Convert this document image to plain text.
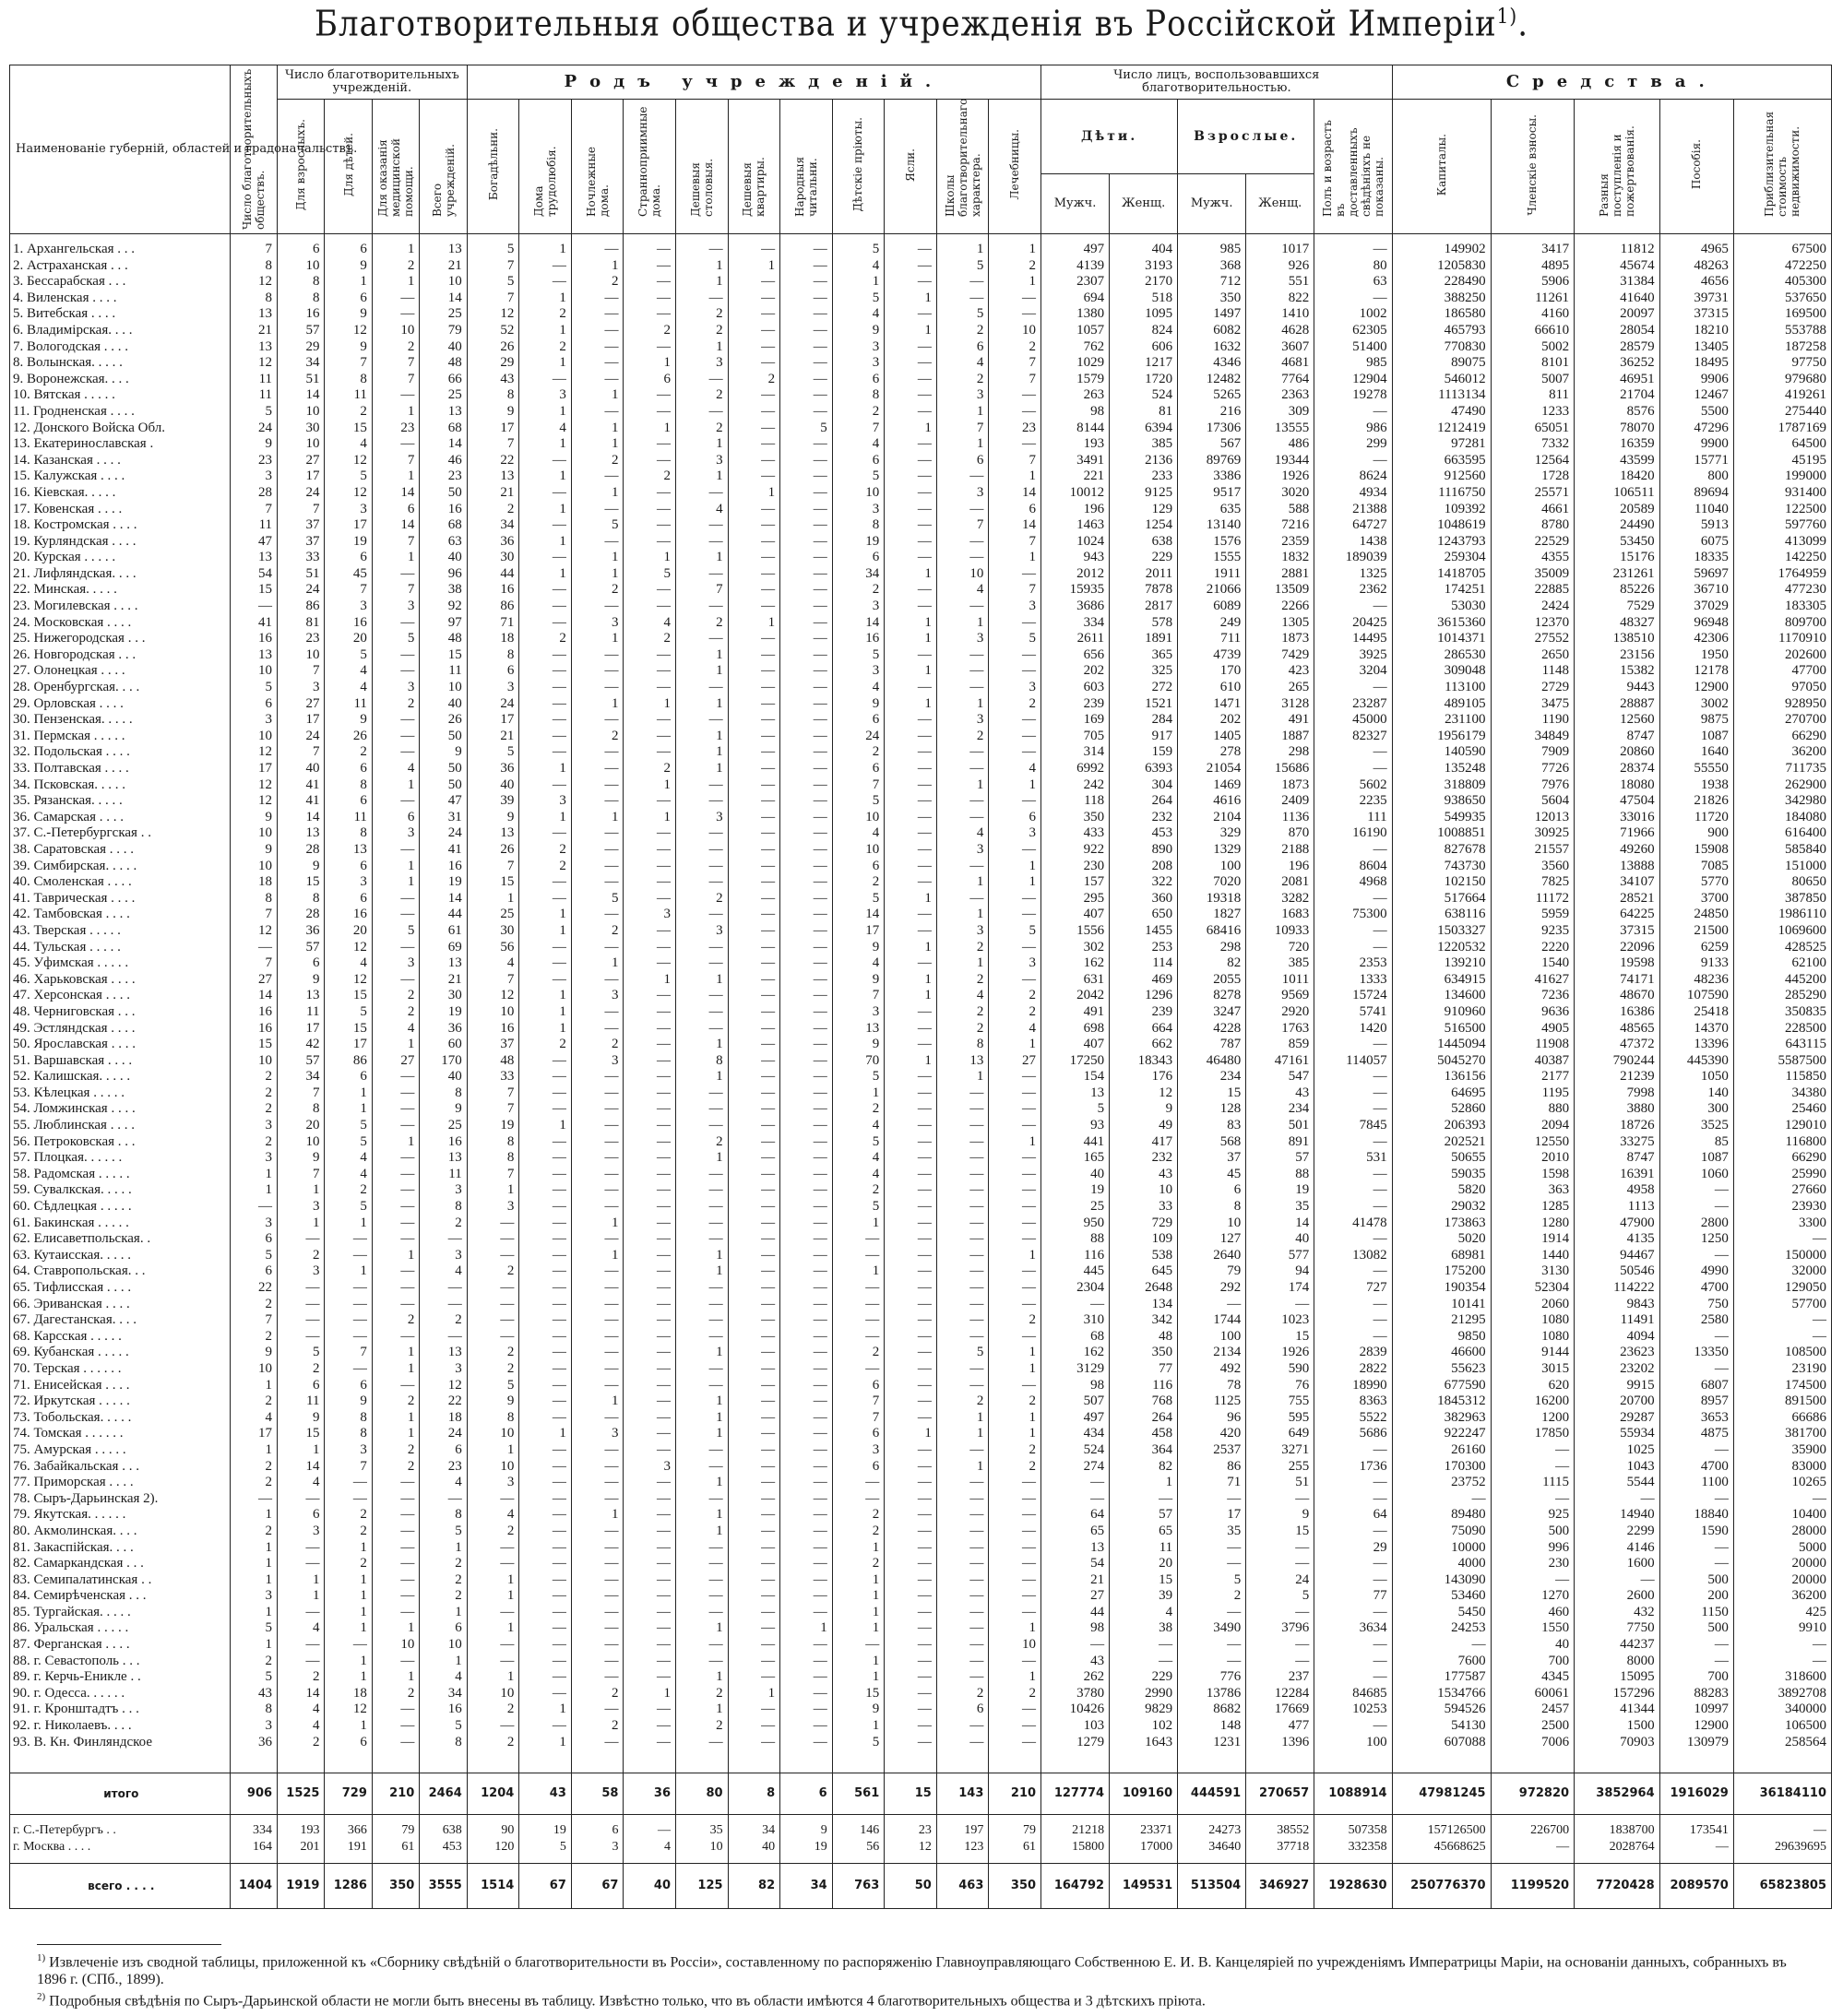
Благотворительныя общества и учрежденія въ Россійской Имперіи$^{1)}$.
Наименованіе губерній, областей и градоначальствъ.	Число благотворительныхъ обществъ.	Число благотворительныхъ учрежденій.				Родъ учрежденій.											Число лицъ, воспользовавшихся благотворительностью.					Средства.				
		Для взрослыхъ.	Для дѣтей.	Для оказанія медицинской помощи.	Всего учрежденій.	Богадѣльни.	Дома трудолюбія.	Ночлежные дома.	Странноприимные дома.	Дешевыя столовыя.	Дешевыя квартиры.	Народныя читальни.	Дѣтскіе пріюты.	Ясли.	Школы благотворительнаго характера.	Лечебницы.	Дѣти.		Взрослые.		Полъ и возрастъ въ доставленныхъ свѣдѣніяхъ не показаны.	Капиталы.	Членскіе взносы.	Разныя поступленія и пожертвованія.	Пособія.	Приблизительная стоимость недвижимости.
																	Мужч.	Женщ.	Мужч.	Женщ.						

1. Архангельская . . .	7	6	6	1	13	5	1	—	—	—	—	—	5	—	1	1	497	404	985	1017	—	149902	3417	11812	4965	67500
2. Астраханская . . .	8	10	9	2	21	7	—	1	—	1	1	—	4	—	5	2	4139	3193	368	926	80	1205830	4895	45674	48263	472250
3. Бессарабская . . .	12	8	1	1	10	5	—	2	—	1	—	—	1	—	—	1	2307	2170	712	551	63	228490	5906	31384	4656	405300
4. Виленская . . . .	8	8	6	—	14	7	1	—	—	—	—	—	5	1	—	—	694	518	350	822	—	388250	11261	41640	39731	537650
5. Витебская . . . .	13	16	9	—	25	12	2	—	—	2	—	—	4	—	5	—	1380	1095	1497	1410	1002	186580	4160	20097	37315	169500
6. Владимірская. . . .	21	57	12	10	79	52	1	—	2	2	—	—	9	1	2	10	1057	824	6082	4628	62305	465793	66610	28054	18210	553788
7. Вологодская . . . .	13	29	9	2	40	26	2	—	—	1	—	—	3	—	6	2	762	606	1632	3607	51400	770830	5002	28579	13405	187258
8. Волынская. . . . .	12	34	7	7	48	29	1	—	1	3	—	—	3	—	4	7	1029	1217	4346	4681	985	89075	8101	36252	18495	97750
9. Воронежская. . . .	11	51	8	7	66	43	—	—	6	—	2	—	6	—	2	7	1579	1720	12482	7764	12904	546012	5007	46951	9906	979680
10. Вятская . . . . .	11	14	11	—	25	8	3	1	—	2	—	—	8	—	3	—	263	524	5265	2363	19278	1113134	811	21704	12467	419261
11. Гродненская . . . .	5	10	2	1	13	9	1	—	—	—	—	—	2	—	1	—	98	81	216	309	—	47490	1233	8576	5500	275440
12. Донского Войска Обл.	24	30	15	23	68	17	4	1	1	2	—	5	7	1	7	23	8144	6394	17306	13555	986	1212419	65051	78070	47296	1787169
13. Екатеринославская .	9	10	4	—	14	7	1	1	—	1	—	—	4	—	1	—	193	385	567	486	299	97281	7332	16359	9900	64500
14. Казанская . . . .	23	27	12	7	46	22	—	2	—	3	—	—	6	—	6	7	3491	2136	89769	19344	—	663595	12564	43599	15771	45195
15. Калужская . . . .	3	17	5	1	23	13	1	—	2	1	—	—	5	—	—	1	221	233	3386	1926	8624	912560	1728	18420	800	199000
16. Кіевская. . . . .	28	24	12	14	50	21	—	1	—	—	1	—	10	—	3	14	10012	9125	9517	3020	4934	1116750	25571	106511	89694	931400
17. Ковенская . . . .	7	7	3	6	16	2	1	—	—	4	—	—	3	—	—	6	196	129	635	588	21388	109392	4661	20589	11040	122500
18. Костромская . . . .	11	37	17	14	68	34	—	5	—	—	—	—	8	—	7	14	1463	1254	13140	7216	64727	1048619	8780	24490	5913	597760
19. Курляндская . . . .	47	37	19	7	63	36	1	—	—	—	—	—	19	—	—	7	1024	638	1576	2359	1438	1243793	22529	53450	6075	413099
20. Курская . . . . .	13	33	6	1	40	30	—	1	1	1	—	—	6	—	—	1	943	229	1555	1832	189039	259304	4355	15176	18335	142250
21. Лифляндская. . . .	54	51	45	—	96	44	1	1	5	—	—	—	34	1	10	—	2012	2011	1911	2881	1325	1418705	35009	231261	59697	1764959
22. Минская. . . . .	15	24	7	7	38	16	—	2	—	7	—	—	2	—	4	7	15935	7878	21066	13509	2362	174251	22885	85226	36710	477230
23. Могилевская . . . .	—	86	3	3	92	86	—	—	—	—	—	—	3	—	—	3	3686	2817	6089	2266	—	53030	2424	7529	37029	183305
24. Московская . . . .	41	81	16	—	97	71	—	3	4	2	1	—	14	1	1	—	334	578	249	1305	20425	3615360	12370	48327	96948	809700
25. Нижегородская . . .	16	23	20	5	48	18	2	1	2	—	—	—	16	1	3	5	2611	1891	711	1873	14495	1014371	27552	138510	42306	1170910
26. Новгородская . . .	13	10	5	—	15	8	—	—	—	1	—	—	5	—	—	—	656	365	4739	7429	3925	286530	2650	23156	1950	202600
27. Олонецкая . . . .	10	7	4	—	11	6	—	—	—	1	—	—	3	1	—	—	202	325	170	423	3204	309048	1148	15382	12178	47700
28. Оренбургская. . . .	5	3	4	3	10	3	—	—	—	—	—	—	4	—	—	3	603	272	610	265	—	113100	2729	9443	12900	97050
29. Орловская . . . .	6	27	11	2	40	24	—	1	1	1	—	—	9	1	1	2	239	1521	1471	3128	23287	489105	3475	28887	3002	928950
30. Пензенская. . . . .	3	17	9	—	26	17	—	—	—	—	—	—	6	—	3	—	169	284	202	491	45000	231100	1190	12560	9875	270700
31. Пермская . . . . .	10	24	26	—	50	21	—	2	—	1	—	—	24	—	2	—	705	917	1405	1887	82327	1956179	34849	8747	1087	66290
32. Подольская . . . .	12	7	2	—	9	5	—	—	—	1	—	—	2	—	—	—	314	159	278	298	—	140590	7909	20860	1640	36200
33. Полтавская . . . .	17	40	6	4	50	36	1	—	2	1	—	—	6	—	—	4	6992	6393	21054	15686	—	135248	7726	28374	55550	711735
34. Псковская. . . . .	12	41	8	1	50	40	—	—	1	—	—	—	7	—	1	1	242	304	1469	1873	5602	318809	7976	18080	1938	262900
35. Рязанская. . . . .	12	41	6	—	47	39	3	—	—	—	—	—	5	—	—	—	118	264	4616	2409	2235	938650	5604	47504	21826	342980
36. Самарская . . . .	9	14	11	6	31	9	1	1	1	3	—	—	10	—	—	6	350	232	2104	1136	111	549935	12013	33016	11720	184080
37. С.-Петербургская . .	10	13	8	3	24	13	—	—	—	—	—	—	4	—	4	3	433	453	329	870	16190	1008851	30925	71966	900	616400
38. Саратовская . . . .	9	28	13	—	41	26	2	—	—	—	—	—	10	—	3	—	922	890	1329	2188	—	827678	21557	49260	15908	585840
39. Симбирская. . . . .	10	9	6	1	16	7	2	—	—	—	—	—	6	—	—	1	230	208	100	196	8604	743730	3560	13888	7085	151000
40. Смоленская . . . .	18	15	3	1	19	15	—	—	—	—	—	—	2	—	1	1	157	322	7020	2081	4968	102150	7825	34107	5770	80650
41. Таврическая . . . .	8	8	6	—	14	1	—	5	—	2	—	—	5	1	—	—	295	360	19318	3282	—	517664	11172	28521	3700	387850
42. Тамбовская . . . .	7	28	16	—	44	25	1	—	3	—	—	—	14	—	1	—	407	650	1827	1683	75300	638116	5959	64225	24850	1986110
43. Тверская . . . . .	12	36	20	5	61	30	1	2	—	3	—	—	17	—	3	5	1556	1455	68416	10933	—	1503327	9235	37315	21500	1069600
44. Тульская . . . . .	—	57	12	—	69	56	—	—	—	—	—	—	9	1	2	—	302	253	298	720	—	1220532	2220	22096	6259	428525
45. Уфимская . . . . .	7	6	4	3	13	4	—	1	—	—	—	—	4	—	1	3	162	114	82	385	2353	139210	1540	19598	9133	62100
46. Харьковская . . . .	27	9	12	—	21	7	—	—	1	1	—	—	9	1	2	—	631	469	2055	1011	1333	634915	41627	74171	48236	445200
47. Херсонская . . . .	14	13	15	2	30	12	1	3	—	—	—	—	7	1	4	2	2042	1296	8278	9569	15724	134600	7236	48670	107590	285290
48. Черниговская . . .	16	11	5	2	19	10	1	—	—	—	—	—	3	—	2	2	491	239	3247	2920	5741	910960	9636	16386	25418	350835
49. Эстляндская . . . .	16	17	15	4	36	16	1	—	—	—	—	—	13	—	2	4	698	664	4228	1763	1420	516500	4905	48565	14370	228500
50. Ярославская . . . .	15	42	17	1	60	37	2	2	—	1	—	—	9	—	8	1	407	662	787	859	—	1445094	11908	47372	13396	643115
51. Варшавская . . . .	10	57	86	27	170	48	—	3	—	8	—	—	70	1	13	27	17250	18343	46480	47161	114057	5045270	40387	790244	445390	5587500
52. Калишская. . . . .	2	34	6	—	40	33	—	—	—	1	—	—	5	—	1	—	154	176	234	547	—	136156	2177	21239	1050	115850
53. Кѣлецкая . . . . .	2	7	1	—	8	7	—	—	—	—	—	—	1	—	—	—	13	12	15	43	—	64695	1195	7998	140	34380
54. Ломжинская . . . .	2	8	1	—	9	7	—	—	—	—	—	—	2	—	—	—	5	9	128	234	—	52860	880	3880	300	25460
55. Люблинская . . . .	3	20	5	—	25	19	1	—	—	—	—	—	4	—	—	—	93	49	83	501	7845	206393	2094	18726	3525	129010
56. Петроковская . . .	2	10	5	1	16	8	—	—	—	2	—	—	5	—	—	1	441	417	568	891	—	202521	12550	33275	85	116800
57. Плоцкая. . . . . .	3	9	4	—	13	8	—	—	—	1	—	—	4	—	—	—	165	232	37	57	531	50655	2010	8747	1087	66290
58. Радомская . . . . .	1	7	4	—	11	7	—	—	—	—	—	—	4	—	—	—	40	43	45	88	—	59035	1598	16391	1060	25990
59. Сувалкская. . . . .	1	1	2	—	3	1	—	—	—	—	—	—	2	—	—	—	19	10	6	19	—	5820	363	4958	—	27660
60. Сѣдлецкая . . . . .	—	3	5	—	8	3	—	—	—	—	—	—	5	—	—	—	25	33	8	35	—	29032	1285	1113	—	23930
61. Бакинская . . . . .	3	1	1	—	2	—	—	1	—	—	—	—	1	—	—	—	950	729	10	14	41478	173863	1280	47900	2800	3300
62. Елисаветпольская. .	6	—	—	—	—	—	—	—	—	—	—	—	—	—	—	—	88	109	127	40	—	5020	1914	4135	1250	—
63. Кутаисская. . . . .	5	2	—	1	3	—	—	1	—	1	—	—	—	—	—	1	116	538	2640	577	13082	68981	1440	94467	—	150000
64. Ставропольская. . .	6	3	1	—	4	2	—	—	—	1	—	—	1	—	—	—	445	645	79	94	—	175200	3130	50546	4990	32000
65. Тифлисская . . . .	22	—	—	—	—	—	—	—	—	—	—	—	—	—	—	—	2304	2648	292	174	727	190354	52304	114222	4700	129050
66. Эриванская . . . .	2	—	—	—	—	—	—	—	—	—	—	—	—	—	—	—	—	134	—	—	—	10141	2060	9843	750	57700
67. Дагестанская. . . .	7	—	—	2	2	—	—	—	—	—	—	—	—	—	—	2	310	342	1744	1023	—	21295	1080	11491	2580	—
68. Карсская . . . . .	2	—	—	—	—	—	—	—	—	—	—	—	—	—	—	—	68	48	100	15	—	9850	1080	4094	—	—
69. Кубанская . . . . .	9	5	7	1	13	2	—	—	—	1	—	—	2	—	5	1	162	350	2134	1926	2839	46600	9144	23623	13350	108500
70. Терская . . . . . .	10	2	—	1	3	2	—	—	—	—	—	—	—	—	—	1	3129	77	492	590	2822	55623	3015	23202	—	23190
71. Енисейская . . . .	1	6	6	—	12	5	—	—	—	—	—	—	6	—	—	—	98	116	78	76	18990	677590	620	9915	6807	174500
72. Иркутская . . . . .	2	11	9	2	22	9	—	1	—	1	—	—	7	—	2	2	507	768	1125	755	8363	1845312	16200	20700	8957	891500
73. Тобольская. . . . .	4	9	8	1	18	8	—	—	—	1	—	—	7	—	1	1	497	264	96	595	5522	382963	1200	29287	3653	66686
74. Томская . . . . . .	17	15	8	1	24	10	1	3	—	1	—	—	6	1	1	1	434	458	420	649	5686	922247	17850	55934	4875	381700
75. Амурская . . . . .	1	1	3	2	6	1	—	—	—	—	—	—	3	—	—	2	524	364	2537	3271	—	26160	—	1025	—	35900
76. Забайкальская . . .	2	14	7	2	23	10	—	—	3	—	—	—	6	—	1	2	274	82	86	255	1736	170300	—	1043	4700	83000
77. Приморская . . . .	2	4	—	—	4	3	—	—	—	1	—	—	—	—	—	—	—	1	71	51	—	23752	1115	5544	1100	10265
78. Сыръ-Дарьинская 2).	—	—	—	—	—	—	—	—	—	—	—	—	—	—	—	—	—	—	—	—	—	—	—	—	—	—
79. Якутская. . . . . .	1	6	2	—	8	4	—	1	—	1	—	—	2	—	—	—	64	57	17	9	64	89480	925	14940	18840	10400
80. Акмолинская. . . .	2	3	2	—	5	2	—	—	—	1	—	—	2	—	—	—	65	65	35	15	—	75090	500	2299	1590	28000
81. Закаспійская. . . .	1	—	1	—	1	—	—	—	—	—	—	—	1	—	—	—	13	11	—	—	29	10000	996	4146	—	5000
82. Самаркандская . . .	1	—	2	—	2	—	—	—	—	—	—	—	2	—	—	—	54	20	—	—	—	4000	230	1600	—	20000
83. Семипалатинская . .	1	1	1	—	2	1	—	—	—	—	—	—	1	—	—	—	21	15	5	24	—	143090	—	—	500	20000
84. Семирѣченская . . .	3	1	1	—	2	1	—	—	—	—	—	—	1	—	—	—	27	39	2	5	77	53460	1270	2600	200	36200
85. Тургайская. . . . .	1	—	1	—	1	—	—	—	—	—	—	—	1	—	—	—	44	4	—	—	—	5450	460	432	1150	425
86. Уральская . . . . .	5	4	1	1	6	1	—	—	—	1	—	1	1	—	—	1	98	38	3490	3796	3634	24253	1550	7750	500	9910
87. Ферганская . . . .	1	—	—	10	10	—	—	—	—	—	—	—	—	—	—	10	—	—	—	—	—	—	40	44237	—	—
88. г. Севастополь . . .	2	—	1	—	1	—	—	—	—	—	—	—	1	—	—	—	43	—	—	—	—	7600	700	8000	—	—
89. г. Керчь-Еникле . .	5	2	1	1	4	1	—	—	—	1	—	—	1	—	—	1	262	229	776	237	—	177587	4345	15095	700	318600
90. г. Одесса. . . . . .	43	14	18	2	34	10	—	2	1	2	1	—	15	—	2	2	3780	2990	13786	12284	84685	1534766	60061	157296	88283	3892708
91. г. Кронштадтъ . . .	8	4	12	—	16	2	1	—	—	1	—	—	9	—	6	—	10426	9829	8682	17669	10253	594526	2457	41344	10997	340000
92. г. Николаевъ. . . .	3	4	1	—	5	—	—	2	—	2	—	—	1	—	—	—	103	102	148	477	—	54130	2500	1500	12900	106500
93. В. Кн. Финляндское	36	2	6	—	8	2	1	—	—	—	—	—	5	—	—	—	1279	1643	1231	1396	100	607088	7006	70903	130979	258564

итого	906	1525	729	210	2464	1204	43	58	36	80	8	6	561	15	143	210	127774	109160	444591	270657	1088914	47981245	972820	3852964	1916029	36184110

г. С.-Петербургъ . .	334	193	366	79	638	90	19	6	—	35	34	9	146	23	197	79	21218	23371	24273	38552	507358	157126500	226700	1838700	173541	—
г. Москва . . . .	164	201	191	61	453	120	5	3	4	10	40	19	56	12	123	61	15800	17000	34640	37718	332358	45668625	—	2028764	—	29639695

всего . . . .	1404	1919	1286	350	3555	1514	67	67	40	125	82	34	763	50	463	350	164792	149531	513504	346927	1928630	250776370	1199520	7720428	2089570	65823805
$^{1)}$ Извлеченіе изъ сводной таблицы, приложенной къ «Сборнику свѣдѣній о благотворительности въ Россіи», составленному по распоряженію Главноуправляющаго Собственною Е. И. В. Канцеляріей по учрежденіямъ Императрицы Маріи, на основаніи данныхъ, собранныхъ въ 1896 г. (СПб., 1899).
$^{2)}$ Подробныя свѣдѣнія по Сыръ-Дарьинской области не могли быть внесены въ таблицу. Извѣстно только, что въ области имѣются 4 благотворительныхъ общества и 3 дѣтскихъ пріюта.
